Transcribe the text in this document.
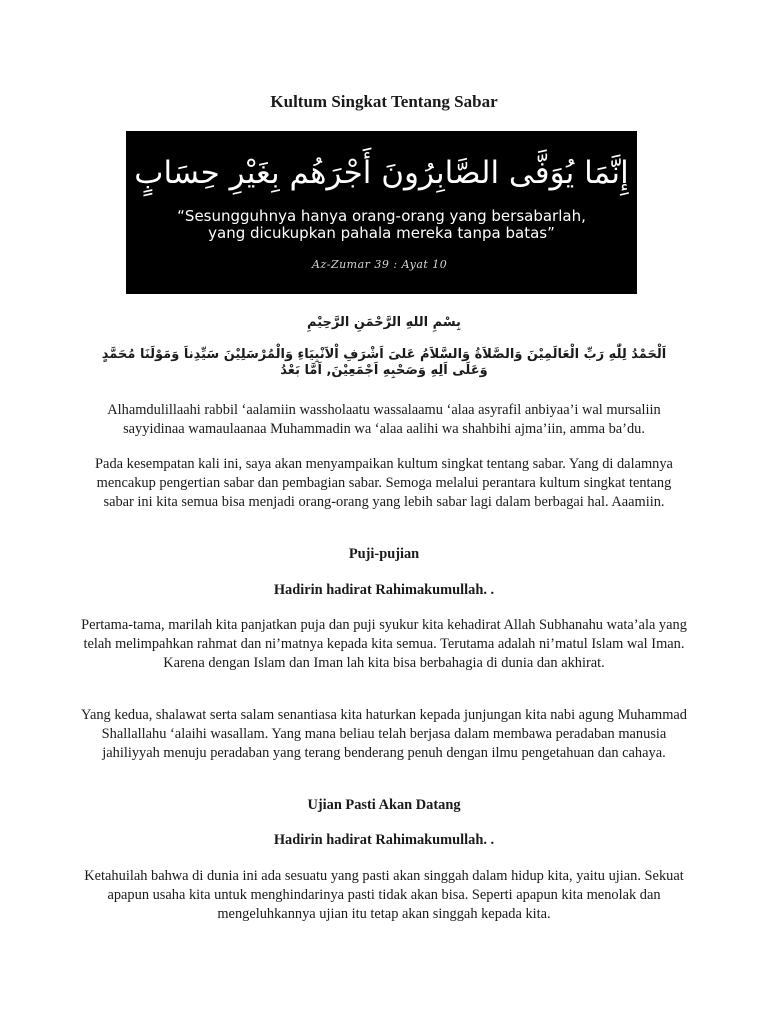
Kultum Singkat Tentang Sabar
إِنَّمَا يُوَفَّى الصَّابِرُونَ أَجْرَهُم بِغَيْرِ حِسَابٍ
“Sesungguhnya hanya orang-orang yang bersabarlah,
yang dicukupkan pahala mereka tanpa batas”
Az-Zumar 39 : Ayat 10

بِسْمِ اللهِ الرَّحْمَنِ الرَّحِيْمِ

اَلْحَمْدُ لِلّٰهِ رَبِّ الْعَالَمِيْنَ وَالصَّلاَةُ وَالسَّلاَمُ عَلىَ اَشْرَفِ اْلاَنْبِيَاءِ وَالْمُرْسَلِيْنَ سَيِّدِناَ وَمَوْلَنَا مُحَمَّدٍ وَعَلَى اَلِهِ وَصَحْبِهِ اَجْمَعِيْنَ, اَمَّا بَعْدُ

Alhamdulillaahi rabbil ‘aalamiin wassholaatu wassalaamu ‘alaa asyrafil anbiyaa’i wal mursaliin sayyidinaa wamaulaanaa Muhammadin wa ‘alaa aalihi wa shahbihi ajma’iin, amma ba’du.

Pada kesempatan kali ini, saya akan menyampaikan kultum singkat tentang sabar. Yang di dalamnya mencakup pengertian sabar dan pembagian sabar. Semoga melalui perantara kultum singkat tentang sabar ini kita semua bisa menjadi orang-orang yang lebih sabar lagi dalam berbagai hal. Aaamiin.

Puji-pujian
Hadirin hadirat Rahimakumullah. .

Pertama-tama, marilah kita panjatkan puja dan puji syukur kita kehadirat Allah Subhanahu wata’ala yang telah melimpahkan rahmat dan ni’matnya kepada kita semua. Terutama adalah ni’matul Islam wal Iman. Karena dengan Islam dan Iman lah kita bisa berbahagia di dunia dan akhirat.

Yang kedua, shalawat serta salam senantiasa kita haturkan kepada junjungan kita nabi agung Muhammad Shallallahu ‘alaihi wasallam. Yang mana beliau telah berjasa dalam membawa peradaban manusia jahiliyyah menuju peradaban yang terang benderang penuh dengan ilmu pengetahuan dan cahaya.

Ujian Pasti Akan Datang
Hadirin hadirat Rahimakumullah. .

Ketahuilah bahwa di dunia ini ada sesuatu yang pasti akan singgah dalam hidup kita, yaitu ujian. Sekuat apapun usaha kita untuk menghindarinya pasti tidak akan bisa. Seperti apapun kita menolak dan mengeluhkannya ujian itu tetap akan singgah kepada kita.
